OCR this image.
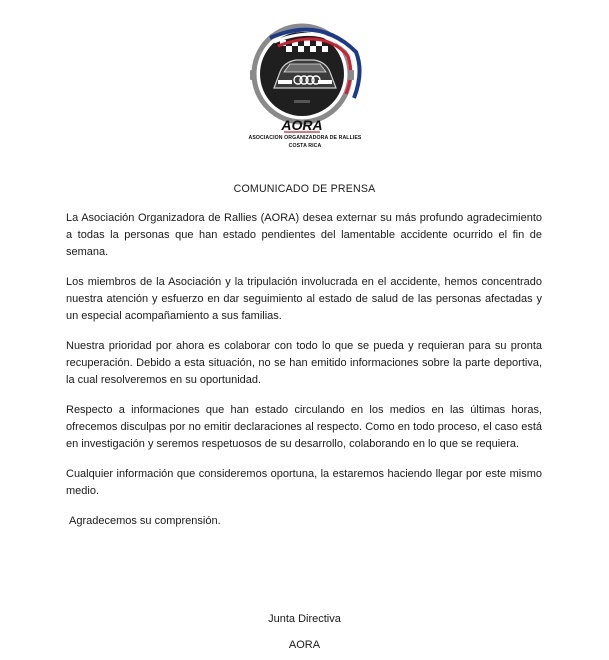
AORA
ASOCIACION ORGANIZADORA DE RALLIES
COSTA RICA
COMUNICADO DE PRENSA

La Asociación Organizadora de Rallies (AORA) desea externar su más profundo agradecimiento a todas la personas que han estado pendientes del lamentable accidente ocurrido el fin de semana.

Los miembros de la Asociación y la tripulación involucrada en el accidente, hemos concentrado nuestra atención y esfuerzo en dar seguimiento al estado de salud de las personas afectadas y un especial acompañamiento a sus familias.

Nuestra prioridad por ahora es colaborar con todo lo que se pueda y requieran para su pronta recuperación. Debido a esta situación, no se han emitido informaciones sobre la parte deportiva, la cual resolveremos en su oportunidad.

Respecto a informaciones que han estado circulando en los medios en las últimas horas, ofrecemos disculpas por no emitir declaraciones al respecto. Como en todo proceso, el caso está en investigación y seremos respetuosos de su desarrollo, colaborando en lo que se requiera.

Cualquier información que consideremos oportuna, la estaremos haciendo llegar por este mismo medio.

Agradecemos su comprensión.

Junta Directiva
AORA
